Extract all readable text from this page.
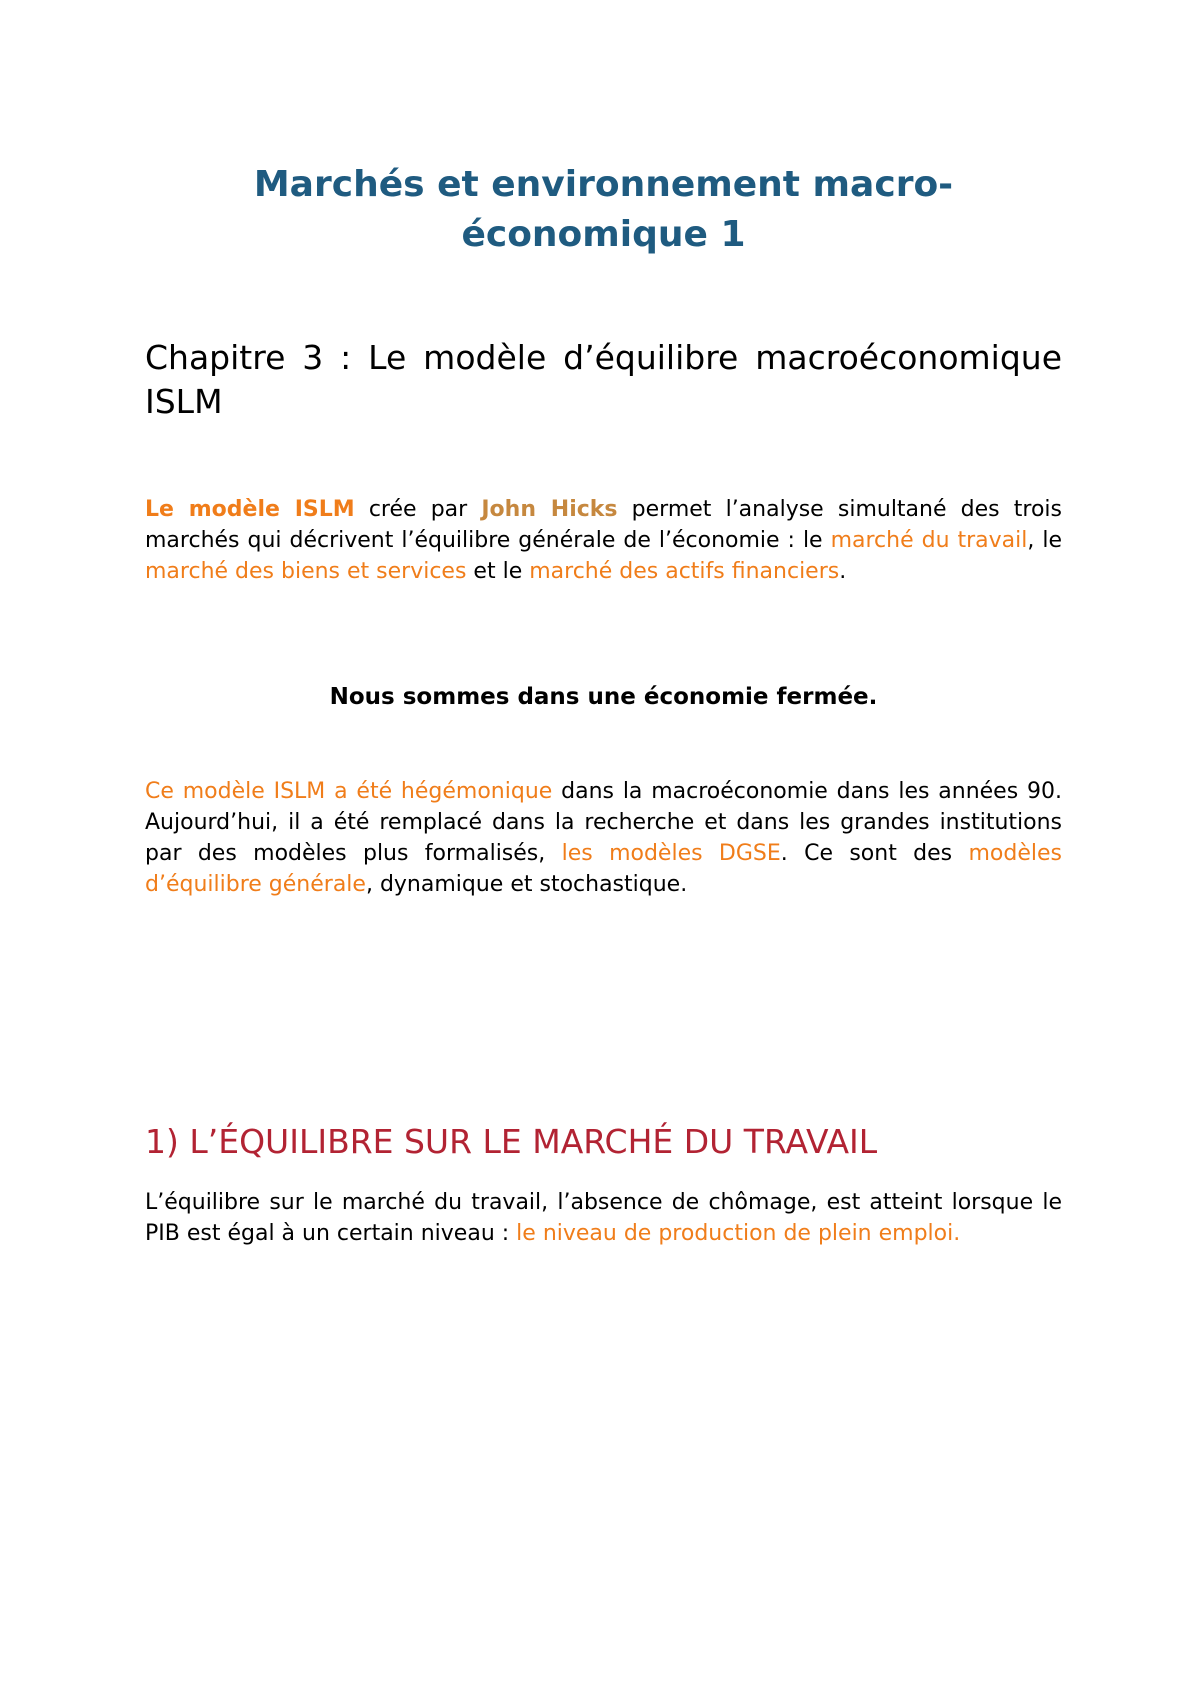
Marchés et environnement macro-
économique 1
Chapitre 3 : Le modèle d’équilibre macroéconomique ISLM
Le modèle ISLM crée par John Hicks permet l’analyse simultané des trois marchés qui décrivent l’équilibre générale de l’économie : le marché du travail, le marché des biens et services et le marché des actifs financiers.
Nous sommes dans une économie fermée.
Ce modèle ISLM a été hégémonique dans la macroéconomie dans les années 90. Aujourd’hui, il a été remplacé dans la recherche et dans les grandes institutions par des modèles plus formalisés, les modèles DGSE. Ce sont des modèles d’équilibre générale, dynamique et stochastique.
1) L’ÉQUILIBRE SUR LE MARCHÉ DU TRAVAIL
L’équilibre sur le marché du travail, l’absence de chômage, est atteint lorsque le PIB est égal à un certain niveau : le niveau de production de plein emploi.
